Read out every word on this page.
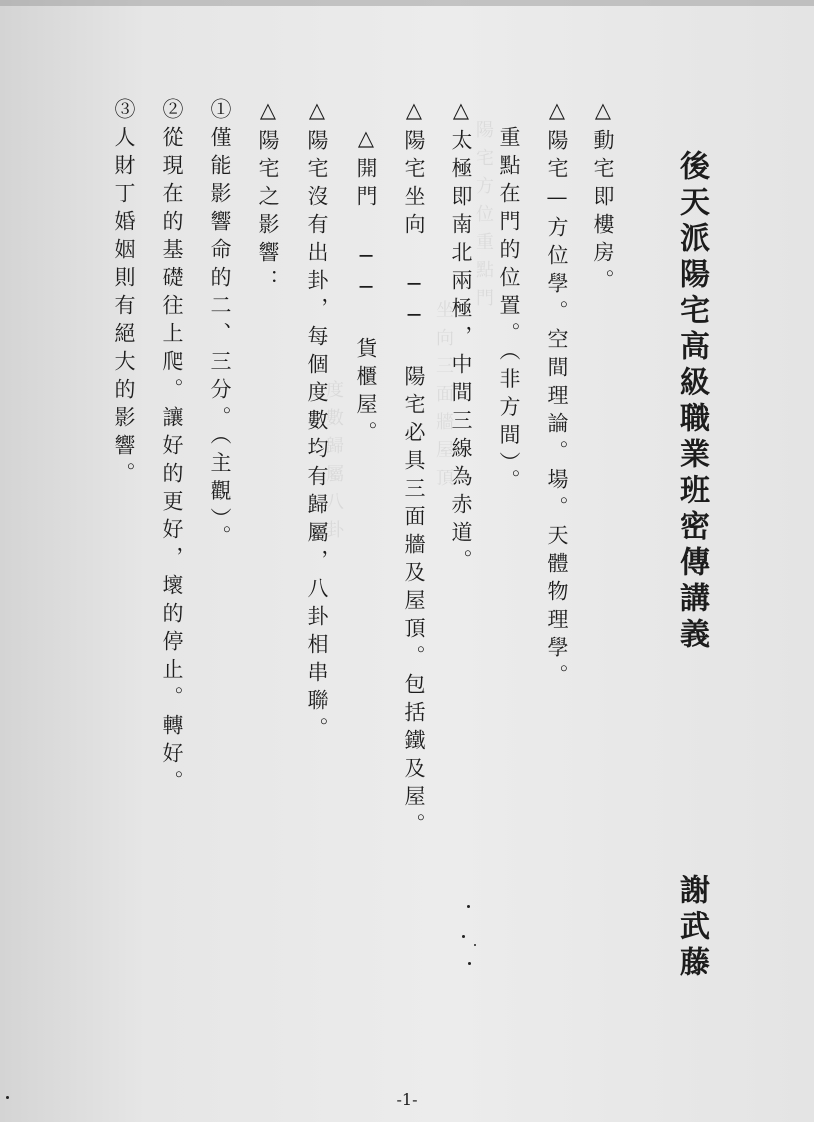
陽宅方位重點門
坐向三面牆屋頂
度數歸屬八卦	後天派陽宅高級職業班密傳講義
謝武藤
△動宅即樓房。
△陽宅—方位學。空間理論。場。天體物理學。
　重點在門的位置。（非方間）。
△太極即南北兩極，中間三線為赤道。
△陽宅坐向 ── 陽宅必具三面牆及屋頂。包括鐵及屋。
　△開門 ── 貨櫃屋。
△陽宅沒有出卦，每個度數均有歸屬，八卦相串聯。
△陽宅之影響：
①僅能影響命的二、三分。（主觀）。
②從現在的基礎往上爬。讓好的更好，壞的停止。轉好。
③人財丁婚姻則有絕大的影響。
-1-
